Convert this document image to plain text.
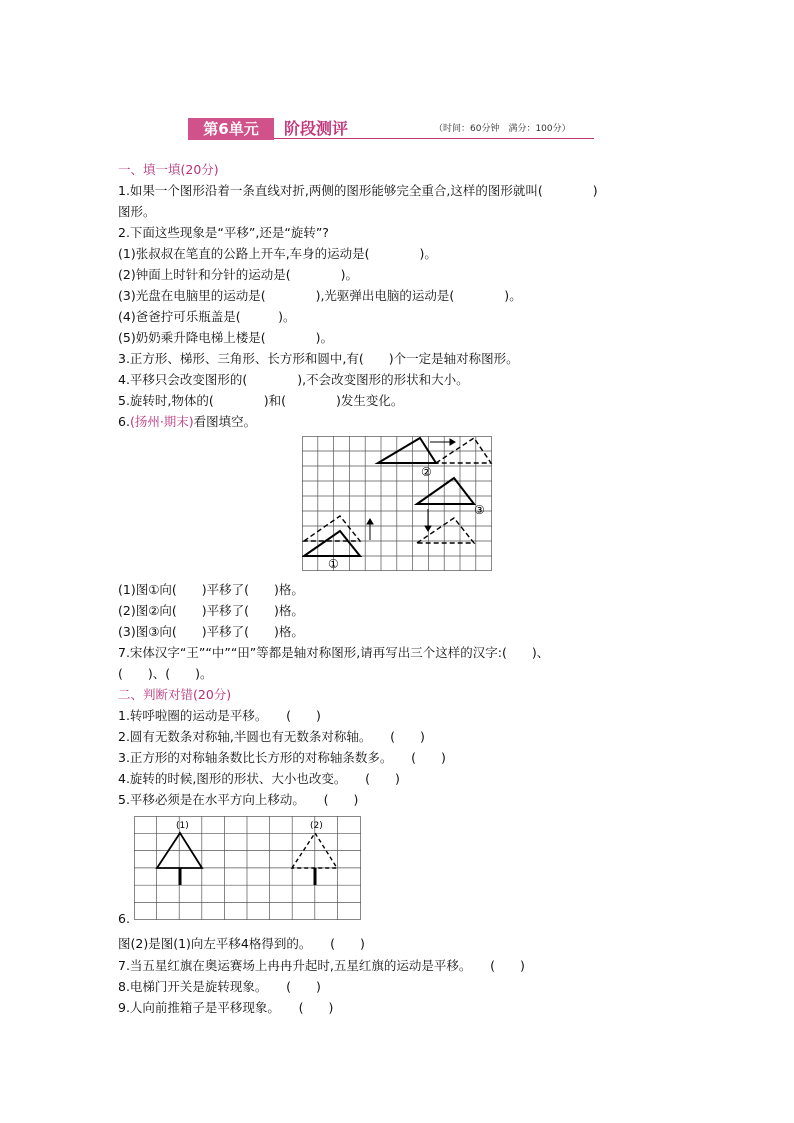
第6单元	阶段测评	（时间：60分钟　满分：100分）
一、填一填(20分)
1.如果一个图形沿着一条直线对折,两侧的图形能够完全重合,这样的图形就叫(　　　　)
图形。
2.下面这些现象是“平移”,还是“旋转”?
(1)张叔叔在笔直的公路上开车,车身的运动是(　　　　)。
(2)钟面上时针和分针的运动是(　　　　)。
(3)光盘在电脑里的运动是(　　　　),光驱弹出电脑的运动是(　　　　)。
(4)爸爸拧可乐瓶盖是(　　　)。
(5)奶奶乘升降电梯上楼是(　　　　)。
3.正方形、梯形、三角形、长方形和圆中,有(　　)个一定是轴对称图形。
4.平移只会改变图形的(　　　　),不会改变图形的形状和大小。
5.旋转时,物体的(　　　　)和(　　　　)发生变化。
6.(扬州·期末)看图填空。
②
③
①
(1)图①向(　　)平移了(　　)格。
(2)图②向(　　)平移了(　　)格。
(3)图③向(　　)平移了(　　)格。
7.宋体汉字“王”“中”“田”等都是轴对称图形,请再写出三个这样的汉字:(　　)、
(　　)、(　　)。
二、判断对错(20分)
1.转呼啦圈的运动是平移。　　(　　)
2.圆有无数条对称轴,半圆也有无数条对称轴。　　(　　)
3.正方形的对称轴条数比长方形的对称轴条数多。　　(　　)
4.旋转的时候,图形的形状、大小也改变。　　(　　)
5.平移必须是在水平方向上移动。　　(　　)
(1)	(2)
6.
图(2)是图(1)向左平移4格得到的。　　(　　)
7.当五星红旗在奥运赛场上冉冉升起时,五星红旗的运动是平移。　　(　　)
8.电梯门开关是旋转现象。　　(　　)
9.人向前推箱子是平移现象。　　(　　)
